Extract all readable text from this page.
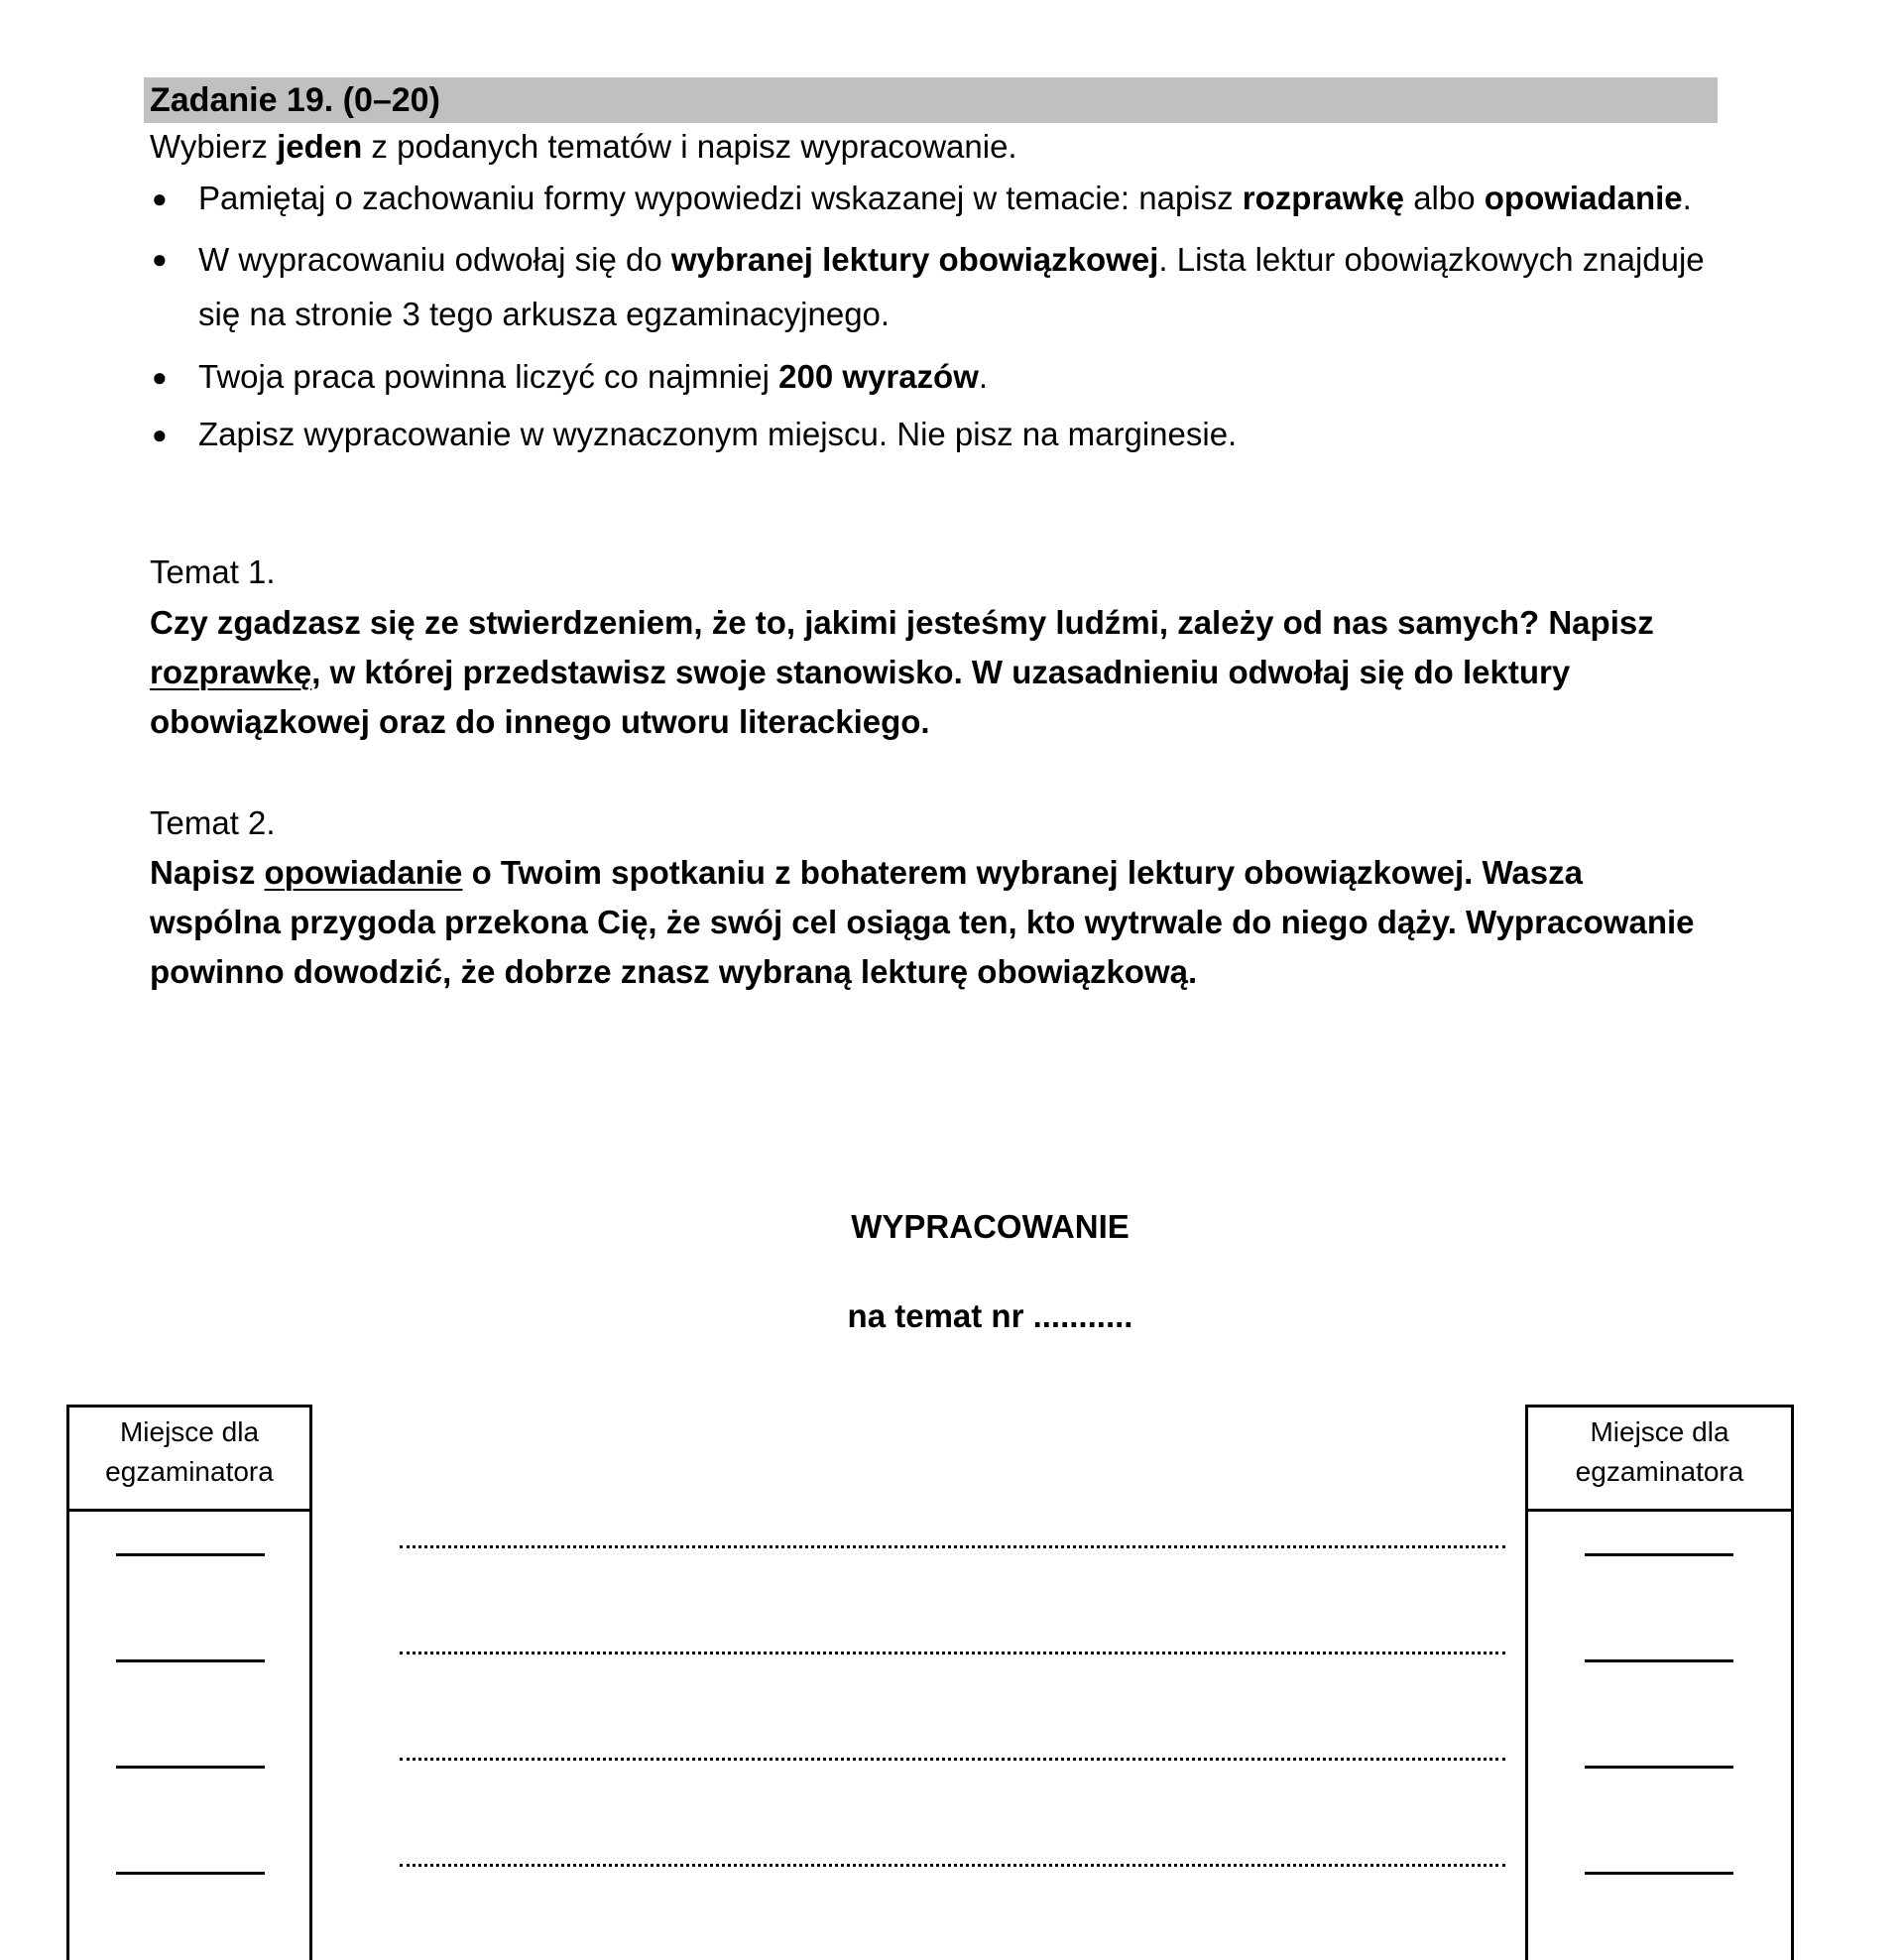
Zadanie 19. (0–20)
Wybierz jeden z podanych tematów i napisz wypracowanie.
● Pamiętaj o zachowaniu formy wypowiedzi wskazanej w temacie: napisz rozprawkę albo opowiadanie.
● W wypracowaniu odwołaj się do wybranej lektury obowiązkowej. Lista lektur obowiązkowych znajduje się na stronie 3 tego arkusza egzaminacyjnego.
● Twoja praca powinna liczyć co najmniej 200 wyrazów.
● Zapisz wypracowanie w wyznaczonym miejscu. Nie pisz na marginesie.
Temat 1.
Czy zgadzasz się ze stwierdzeniem, że to, jakimi jesteśmy ludźmi, zależy od nas samych? Napisz rozprawkę, w której przedstawisz swoje stanowisko. W uzasadnieniu odwołaj się do lektury obowiązkowej oraz do innego utworu literackiego.
Temat 2.
Napisz opowiadanie o Twoim spotkaniu z bohaterem wybranej lektury obowiązkowej. Wasza wspólna przygoda przekona Cię, że swój cel osiąga ten, kto wytrwale do niego dąży. Wypracowanie powinno dowodzić, że dobrze znasz wybraną lekturę obowiązkową.
WYPRACOWANIE
na temat nr ...........
Miejsce dla
egzaminatora
Miejsce dla
egzaminatora
